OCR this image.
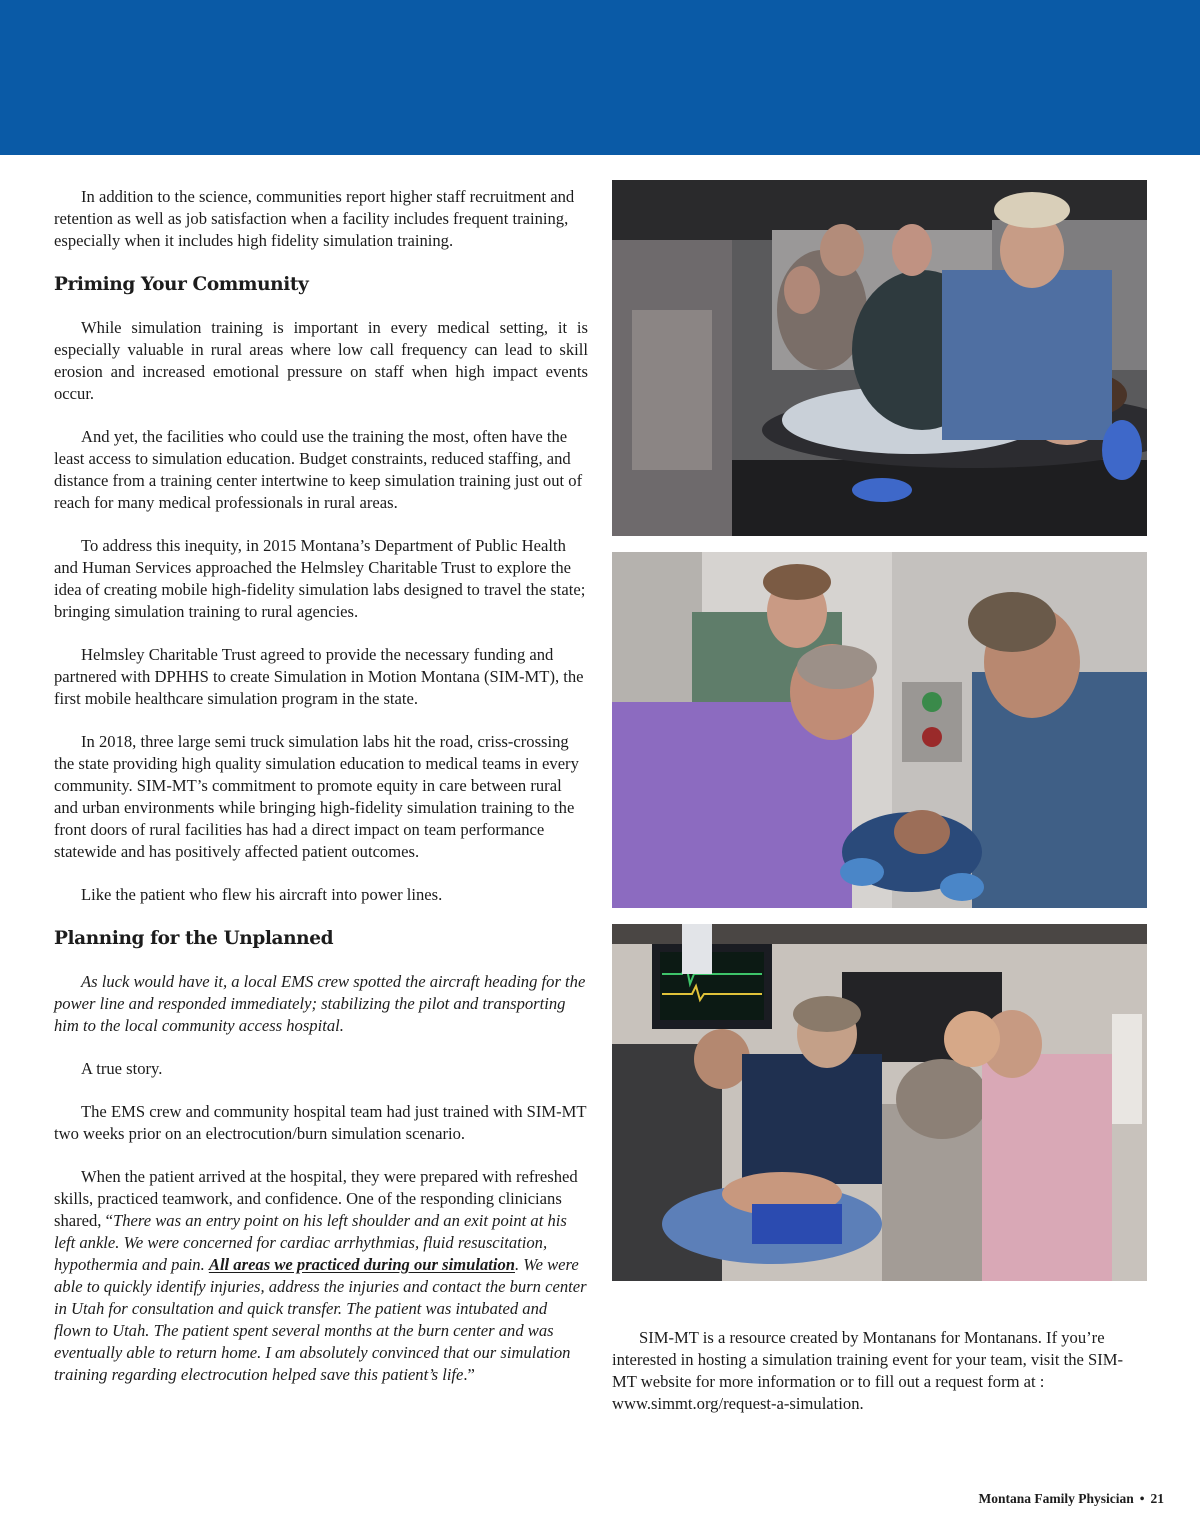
In addition to the science, communities report higher staff recruitment and retention as well as job satisfaction when a facility includes frequent training, especially when it includes high fidelity simulation training.

Priming Your Community

While simulation training is important in every medical setting, it is especially valuable in rural areas where low call frequency can lead to skill erosion and increased emotional pressure on staff when high impact events occur.

And yet, the facilities who could use the training the most, often have the least access to simulation education. Budget constraints, reduced staffing, and distance from a training center intertwine to keep simulation training just out of reach for many medical professionals in rural areas.

To address this inequity, in 2015 Montana’s Department of Public Health and Human Services approached the Helmsley Charitable Trust to explore the idea of creating mobile high-fidelity simulation labs designed to travel the state; bringing simulation training to rural agencies.

Helmsley Charitable Trust agreed to provide the necessary funding and partnered with DPHHS to create Simulation in Motion Montana (SIM-MT), the first mobile healthcare simulation program in the state.

In 2018, three large semi truck simulation labs hit the road, criss-crossing the state providing high quality simulation education to medical teams in every community. SIM-MT’s commitment to promote equity in care between rural and urban environments while bringing high-fidelity simulation training to the front doors of rural facilities has had a direct impact on team performance statewide and has positively affected patient outcomes.

Like the patient who flew his aircraft into power lines.

Planning for the Unplanned

As luck would have it, a local EMS crew spotted the aircraft heading for the power line and responded immediately; stabilizing the pilot and transporting him to the local community access hospital.

A true story.

The EMS crew and community hospital team had just trained with SIM-MT two weeks prior on an electrocution/burn simulation scenario.

When the patient arrived at the hospital, they were prepared with refreshed skills, practiced teamwork, and confidence. One of the responding clinicians shared, “There was an entry point on his left shoulder and an exit point at his left ankle. We were concerned for cardiac arrhythmias, fluid resuscitation, hypothermia and pain. All areas we practiced during our simulation. We were able to quickly identify injuries, address the injuries and contact the burn center in Utah for consultation and quick transfer. The patient was intubated and flown to Utah. The patient spent several months at the burn center and was eventually able to return home. I am absolutely convinced that our simulation training regarding electrocution helped save this patient’s life.”

SIM-MT is a resource created by Montanans for Montanans. If you’re interested in hosting a simulation training event for your team, visit the SIM-MT website for more information or to fill out a request form at : www.simmt.org/request-a-simulation.

Montana Family Physician • 21
